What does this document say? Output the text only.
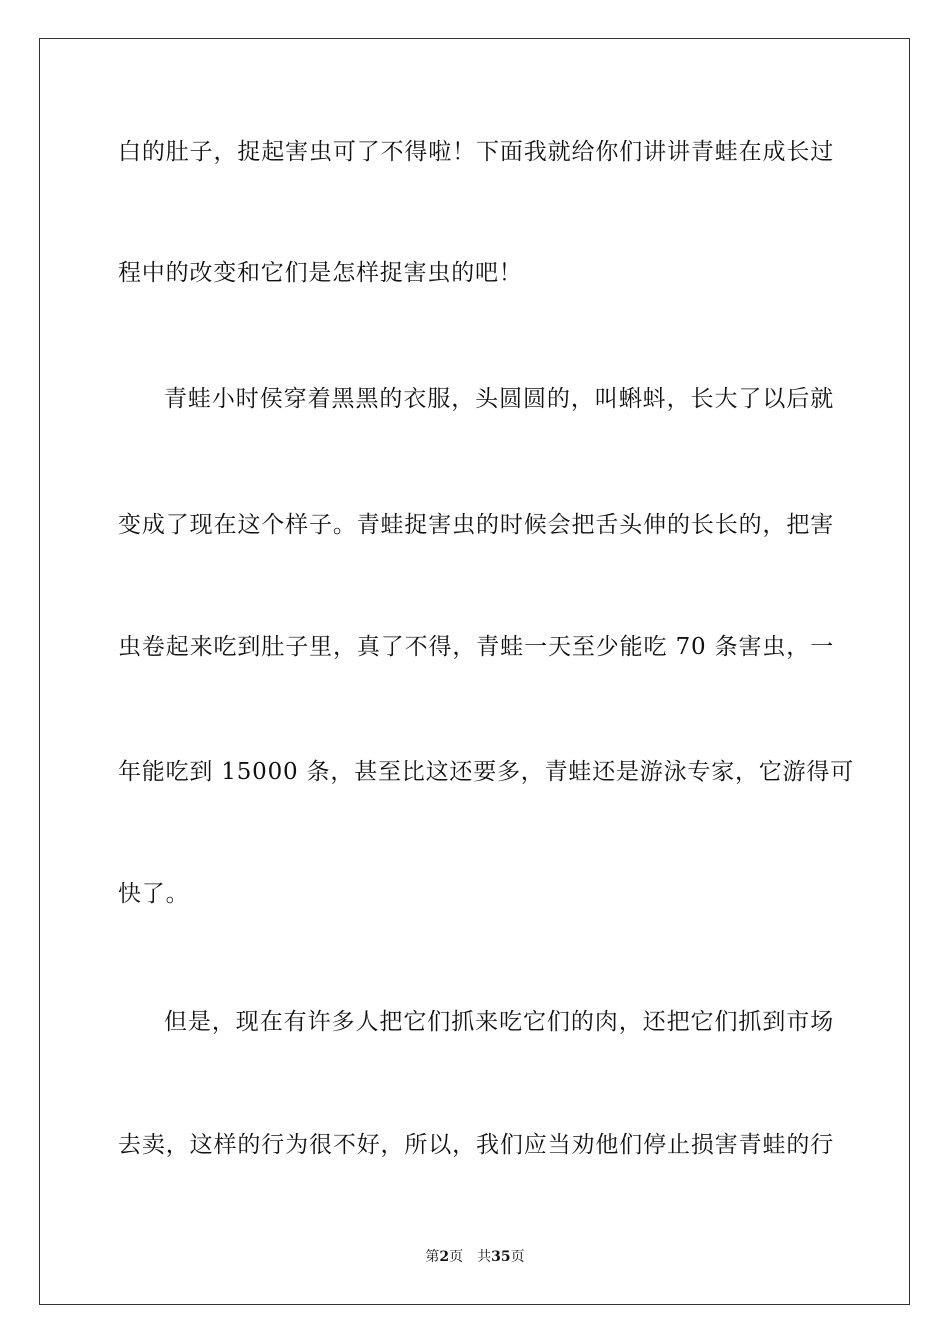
白的肚子，捉起害虫可了不得啦！下面我就给你们讲讲青蛙在成长过
程中的改变和它们是怎样捉害虫的吧！
青蛙小时侯穿着黑黑的衣服，头圆圆的，叫蝌蚪，长大了以后就
变成了现在这个样子。青蛙捉害虫的时候会把舌头伸的长长的，把害
虫卷起来吃到肚子里，真了不得，青蛙一天至少能吃 70 条害虫，一
年能吃到 15000 条，甚至比这还要多，青蛙还是游泳专家，它游得可
快了。
但是，现在有许多人把它们抓来吃它们的肉，还把它们抓到市场
去卖，这样的行为很不好，所以，我们应当劝他们停止损害青蛙的行
第2页 共35页
